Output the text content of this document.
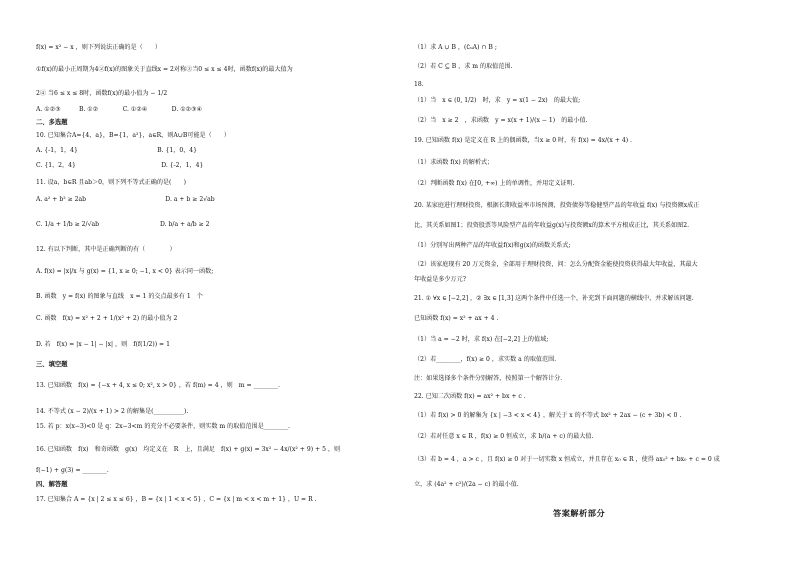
f(x) = x² − x ，则下列说法正确的是（　　）
①f(x)的最小正周期为4②f(x)的图象关于直线x = 2对称③当0 ≤ x ≤ 4时，函数f(x)的最大值为
2④ 当6 ≤ x ≤ 8时，函数f(x)的最小值为 − 1/2
A. ①②③　　　B. ①②　　　　C. ①②④　　　　D. ①②③④
二、多选题
10. 已知集合A={4，a}，B={1，a²}，a∈R，则A∪B可能是（　　）
A. {-1，1，4}　　　　　　　　　　　　　B. {1，0，4}
C. {1，2，4}　　　　　　　　　　　　　　D. {-2，1，4}
11. 设a，b∈R 且ab＞0，则下列不等式正确的是(　　)
A. a² + b² ≥ 2ab　　　　　　　　　　　　　D. a + b ≥ 2√ab
C. 1/a + 1/b ≥ 2/√ab　　　　　　　　　　D. b/a + a/b ≥ 2
12. 有以下判断，其中是正确判断的有（　　　　）
A. f(x) = |x|/x 与 g(x) = {1, x ≥ 0; −1, x < 0} 表示同一函数;
B. 函数　y = f(x) 的图象与直线　x = 1 的交点最多有 1　个
C. 函数　f(x) = x² + 2 + 1/(x² + 2) 的最小值为 2
D. 若　f(x) = |x − 1| − |x| ，则　f(f(1/2)) = 1
三、填空题
13. 已知函数　f(x) = {−x + 4, x ≤ 0; x², x > 0} ，若 f(m) = 4 ，则　m = ________.
14. 不等式 (x − 2)/(x + 1) > 2 的解集是(__________).
15. 若 p：x(x−3)<0 是 q：2x−3<m 的充分不必要条件，则实数 m 的取值范围是________.
16. 已知函数　f(x)　和奇函数　g(x)　均定义在　R　上，且满足　f(x) + g(x) = 3x² − 4x/(x² + 9) + 5 ，则
f(−1) + g(3) = ________.
四、解答题
17. 已知集合 A = {x | 2 ≤ x ≤ 6} ，B = {x | 1 < x < 5} ，C = {x | m < x < m + 1} ，U = R .
（1）求 A ∪ B ，(∁ᵤA) ∩ B ;
（2）若 C ⊆ B ，求 m 的取值范围.
18.
（1）当　x ∈ (0, 1/2)　时，求　y = x(1 − 2x)　的最大值;
（2）当　x ≥ 2　，求函数　y = x(x + 1)/(x − 1)　的最小值.
19. 已知函数 f(x) 是定义在 R 上的偶函数，当x ≥ 0 时，有 f(x) = 4x/(x + 4) .
（1）求函数 f(x) 的解析式；
（2）判断函数 f(x) 在[0, +∞) 上的单调性，并用定义证明.
20. 某家庭进行理财投资，根据长期收益率市场预测，投资债券等稳健型产品的年收益 f(x) 与投资额x成正
比，其关系如图1；投资股票等风险型产品的年收益g(x)与投资额x的算术平方根成正比，其关系如图2.
（1）分别写出两种产品的年收益f(x)和g(x)的函数关系式;
（2）该家庭现有 20 万元资金，全部用于理财投资，问：怎么分配资金能使投资获得最大年收益，其最大
年收益是多少万元?
21. ① ∀x ∈ [−2,2] ，② ∃x ∈ [1,3] 这两个条件中任选一个，补充到下面问题的横线中，并求解该问题.
已知函数 f(x) = x² + ax + 4 .
（1）当 a = −2 时，求 f(x) 在[−2,2] 上的值域;
（2）若________，f(x) ≥ 0 ，求实数 a 的取值范围.
注：如果选择多个条件分别解答，按照第一个解答计分.
22. 已知二次函数 f(x) = ax² + bx + c .
（1）若 f(x) > 0 的解集为 {x | −3 < x < 4} ，解关于 x 的不等式 bx² + 2ax − (c + 3b) < 0 .
（2）若对任意 x ∈ R ，f(x) ≥ 0 恒成立，求 b/(a + c) 的最大值.
（3）若 b = 4 ，a > c ，且 f(x) ≥ 0 对于一切实数 x 恒成立，并且存在 x₀ ∈ R ，使得 ax₀² + bx₀ + c = 0 成
立，求 (4a² + c²)/(2a − c) 的最小值.
答案解析部分
